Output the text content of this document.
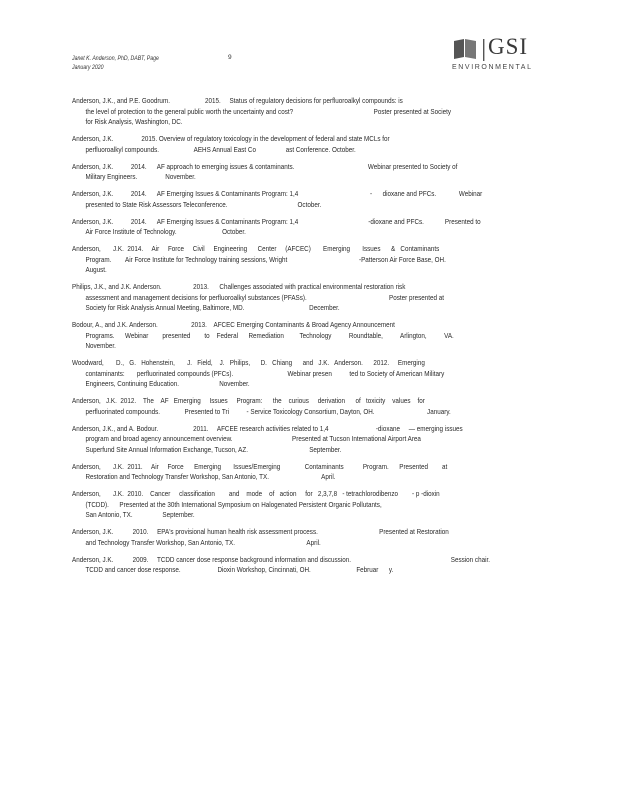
Janet K. Anderson, PhD, DABT, Page
January 2020
9	GSI
ENVIRONMENTAL
Anderson, J.K., and P.E. Goodrum.                    2015.     Status of regulatory decisions for perfluoroalkyl compounds: is
the level of protection to the general public worth the uncertainty and cost?                                              Poster presented at Society
for Risk Analysis, Washington, DC.
Anderson, J.K.                2015. Overview of regulatory toxicology in the development of federal and state MCLs for
perfluoroalkyl compounds.                    AEHS Annual East Co                 ast Conference. October.
Anderson, J.K.          2014.      AF approach to emerging issues & contaminants.                                          Webinar presented to Society of
Military Engineers.                November.
Anderson, J.K.          2014.      AF Emerging Issues & Contaminants Program: 1,4                                         -      dioxane and PFCs.             Webinar
presented to State Risk Assessors Teleconference.                                        October.
Anderson, J.K.          2014.      AF Emerging Issues & Contaminants Program: 1,4                                        -dioxane and PFCs.            Presented to
Air Force Institute of Technology.                          October.
Anderson,       J.K.  2014.     Air     Force     Civil     Engineering      Center     (AFCEC)       Emerging       Issues      &   Contaminants
Program.        Air Force Institute for Technology training sessions, Wright                                         -Patterson Air Force Base, OH.
August.
Philips, J.K., and J.K. Anderson.                  2013.      Challenges associated with practical environmental restoration risk
assessment and management decisions for perfluoroalkyl substances (PFASs).                                               Poster presented at
Society for Risk Analysis Annual Meeting, Baltimore, MD.                                     December.
Bodour, A., and J.K. Anderson.                   2013.    AFCEC Emerging Contaminants & Broad Agency Announcement
Programs.      Webinar        presented        to    Federal      Remediation         Technology          Roundtable,          Arlington,          VA.
November.
Woodward,       D.,   G.   Hohenstein,       J.   Field,    J.   Philips,      D.   Chiang      and   J.K.   Anderson.      2012.     Emerging
contaminants:       perfluorinated compounds (PFCs).                               Webinar presen          ted to Society of American Military
Engineers, Continuing Education.                       November.
Anderson,   J.K.  2012.    The    AF   Emerging     Issues     Program:      the    curious     derivation      of   toxicity    values    for
perfluorinated compounds.              Presented to Tri          - Service Toxicology Consortium, Dayton, OH.                              January.
Anderson, J.K., and A. Bodour.                    2011.     AFCEE research activities related to 1,4                           -dioxane     — emerging issues
program and broad agency announcement overview.                                  Presented at Tucson International Airport Area
Superfund Site Annual Information Exchange, Tucson, AZ.                                   September.
Anderson,       J.K.  2011.     Air     Force      Emerging       Issues/Emerging              Contaminants           Program.      Presented        at
Restoration and Technology Transfer Workshop, San Antonio, TX.                              April.
Anderson,       J.K.  2010.    Cancer     classification        and    mode    of   action     for   2,3,7,8   - tetrachlorodibenzo        - p -dioxin
(TCDD).      Presented at the 30th International Symposium on Halogenated Persistent Organic Pollutants,
San Antonio, TX.                 September.
Anderson, J.K.           2010.     EPA's provisional human health risk assessment process.                                   Presented at Restoration
and Technology Transfer Workshop, San Antonio, TX.                                         April.
Anderson, J.K.           2009.     TCDD cancer dose response background information and discussion.                                                         Session chair.
TCDD and cancer dose response.                     Dioxin Workshop, Cincinnati, OH.                          Februar      y.
